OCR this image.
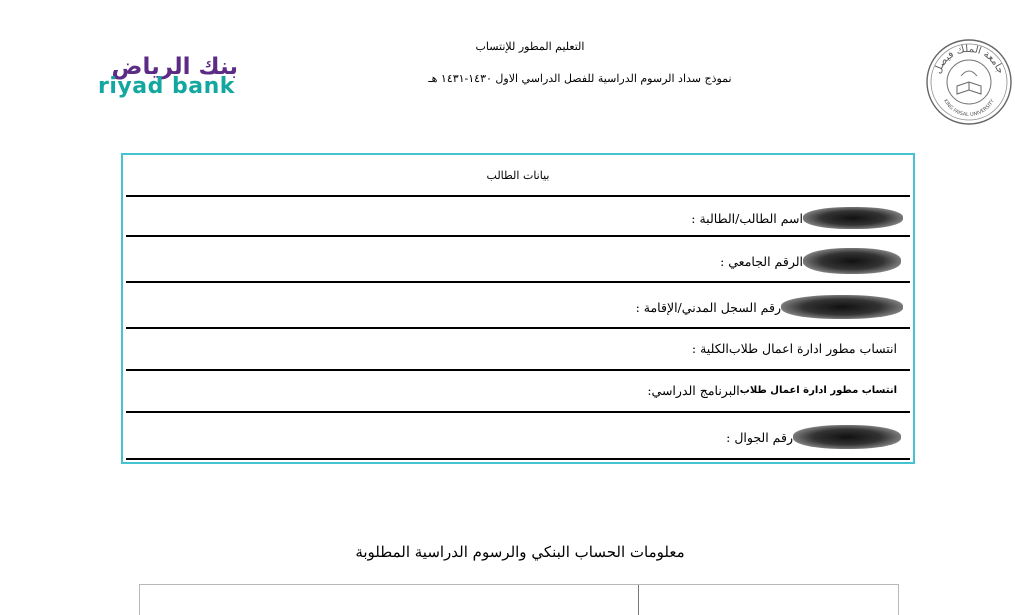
بنك الرياض
riyad bank
التعليم المطور للإنتساب
نموذج سداد الرسوم الدراسية للفصل الدراسي الاول ١٤٣٠-١٤٣١ هـ
جامعة الملك فيصل
KING FAISAL UNIVERSITY
بيانات الطالب
اسم الطالب/الطالبة :
الرقم الجامعي :
رقم السجل المدني/الإقامة :
الكلية : انتساب مطور ادارة اعمال طلاب
البرنامج الدراسي: انتساب مطور ادارة اعمال طلاب
رقم الجوال :
معلومات الحساب البنكي والرسوم الدراسية المطلوبة
